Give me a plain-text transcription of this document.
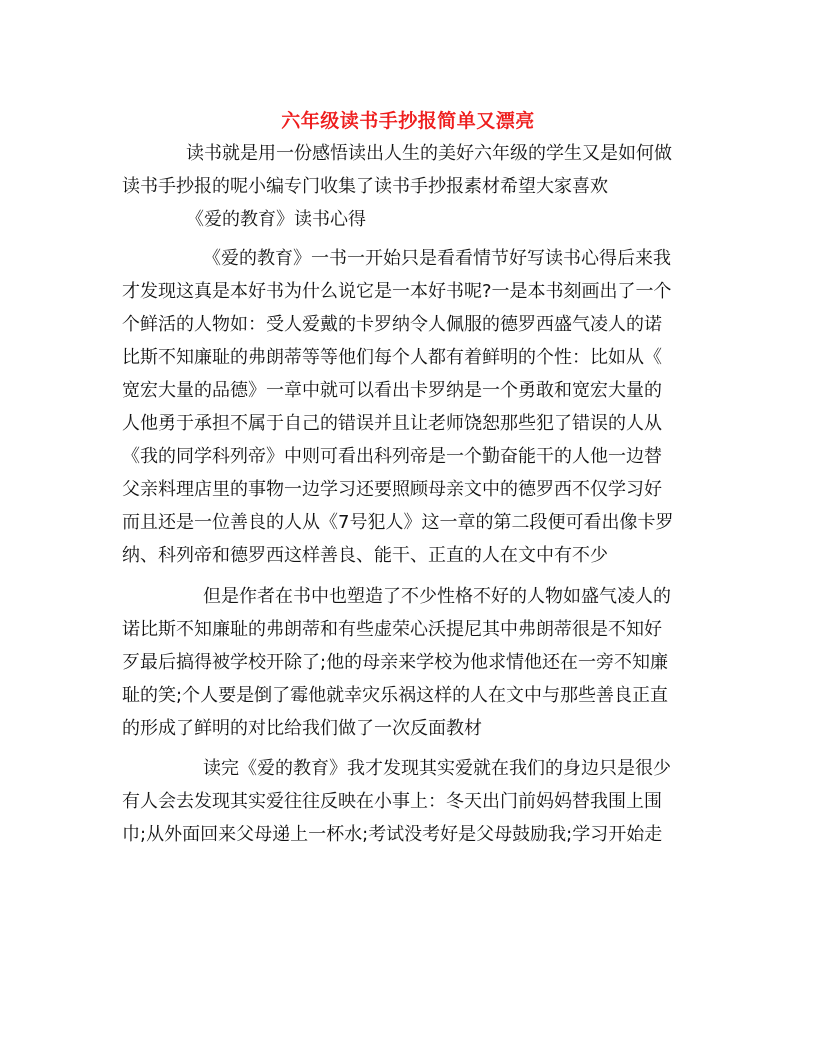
六年级读书手抄报简单又漂亮

读书就是用一份感悟读出人生的美好六年级的学生又是如何做

读书手抄报的呢小编专门收集了读书手抄报素材希望大家喜欢

《爱的教育》读书心得

《爱的教育》一书一开始只是看看情节好写读书心得后来我

才发现这真是本好书为什么说它是一本好书呢?一是本书刻画出了一个

个鲜活的人物如：受人爱戴的卡罗纳令人佩服的德罗西盛气凌人的诺

比斯不知廉耻的弗朗蒂等等他们每个人都有着鲜明的个性：比如从《

宽宏大量的品德》一章中就可以看出卡罗纳是一个勇敢和宽宏大量的

人他勇于承担不属于自己的错误并且让老师饶恕那些犯了错误的人从

《我的同学科列帝》中则可看出科列帝是一个勤奋能干的人他一边替

父亲料理店里的事物一边学习还要照顾母亲文中的德罗西不仅学习好

而且还是一位善良的人从《7号犯人》这一章的第二段便可看出像卡罗

纳、科列帝和德罗西这样善良、能干、正直的人在文中有不少

但是作者在书中也塑造了不少性格不好的人物如盛气凌人的

诺比斯不知廉耻的弗朗蒂和有些虚荣心沃提尼其中弗朗蒂很是不知好

歹最后搞得被学校开除了;他的母亲来学校为他求情他还在一旁不知廉

耻的笑;个人要是倒了霉他就幸灾乐祸这样的人在文中与那些善良正直

的形成了鲜明的对比给我们做了一次反面教材

读完《爱的教育》我才发现其实爱就在我们的身边只是很少

有人会去发现其实爱往往反映在小事上：冬天出门前妈妈替我围上围

巾;从外面回来父母递上一杯水;考试没考好是父母鼓励我;学习开始走
